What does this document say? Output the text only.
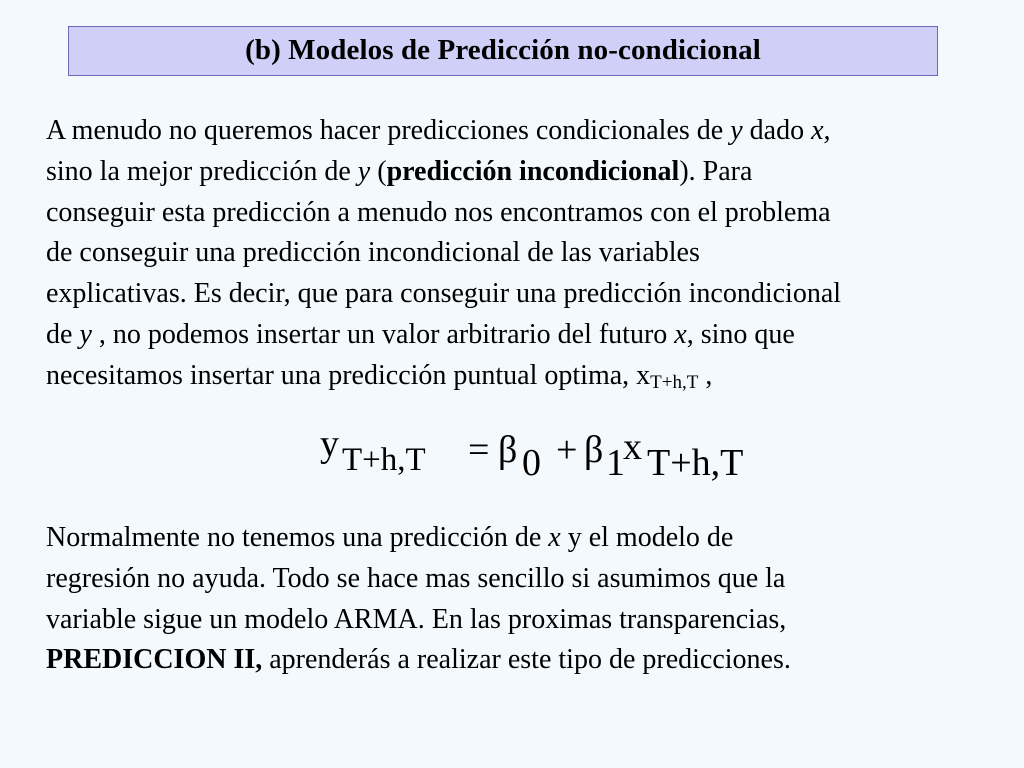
(b) Modelos de Predicción no-condicional
A menudo no queremos hacer predicciones condicionales de y dado x,
sino la mejor predicción de y (predicción incondicional). Para
conseguir esta predicción a menudo nos encontramos con el problema
de conseguir una predicción incondicional de las variables
explicativas. Es decir, que para conseguir una predicción incondicional
de y , no podemos insertar un valor arbitrario del futuro x, sino que
necesitamos insertar una predicción puntual optima, xT+h,T ,
y T+h,T = β 0 + β 1
x T+h,T
Normalmente no tenemos una predicción de x y el modelo de
regresión no ayuda. Todo se hace mas sencillo si asumimos que la
variable sigue un modelo ARMA. En las proximas transparencias,
PREDICCION II, aprenderás a realizar este tipo de predicciones.
